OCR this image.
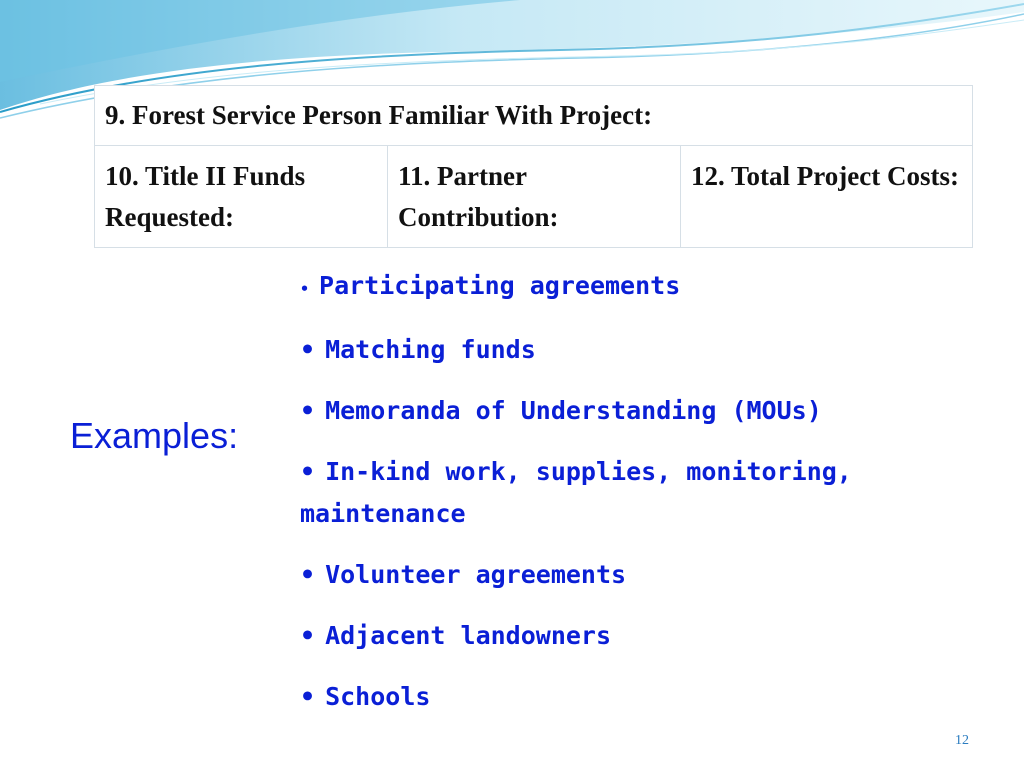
9. Forest Service Person Familiar With Project:
10. Title II Funds Requested:	11. Partner Contribution:	12. Total Project Costs:
Examples:
• Participating agreements
• Matching funds
• Memoranda of Understanding (MOUs)
• In-kind work, supplies, monitoring, maintenance
• Volunteer agreements
• Adjacent landowners
• Schools
12
